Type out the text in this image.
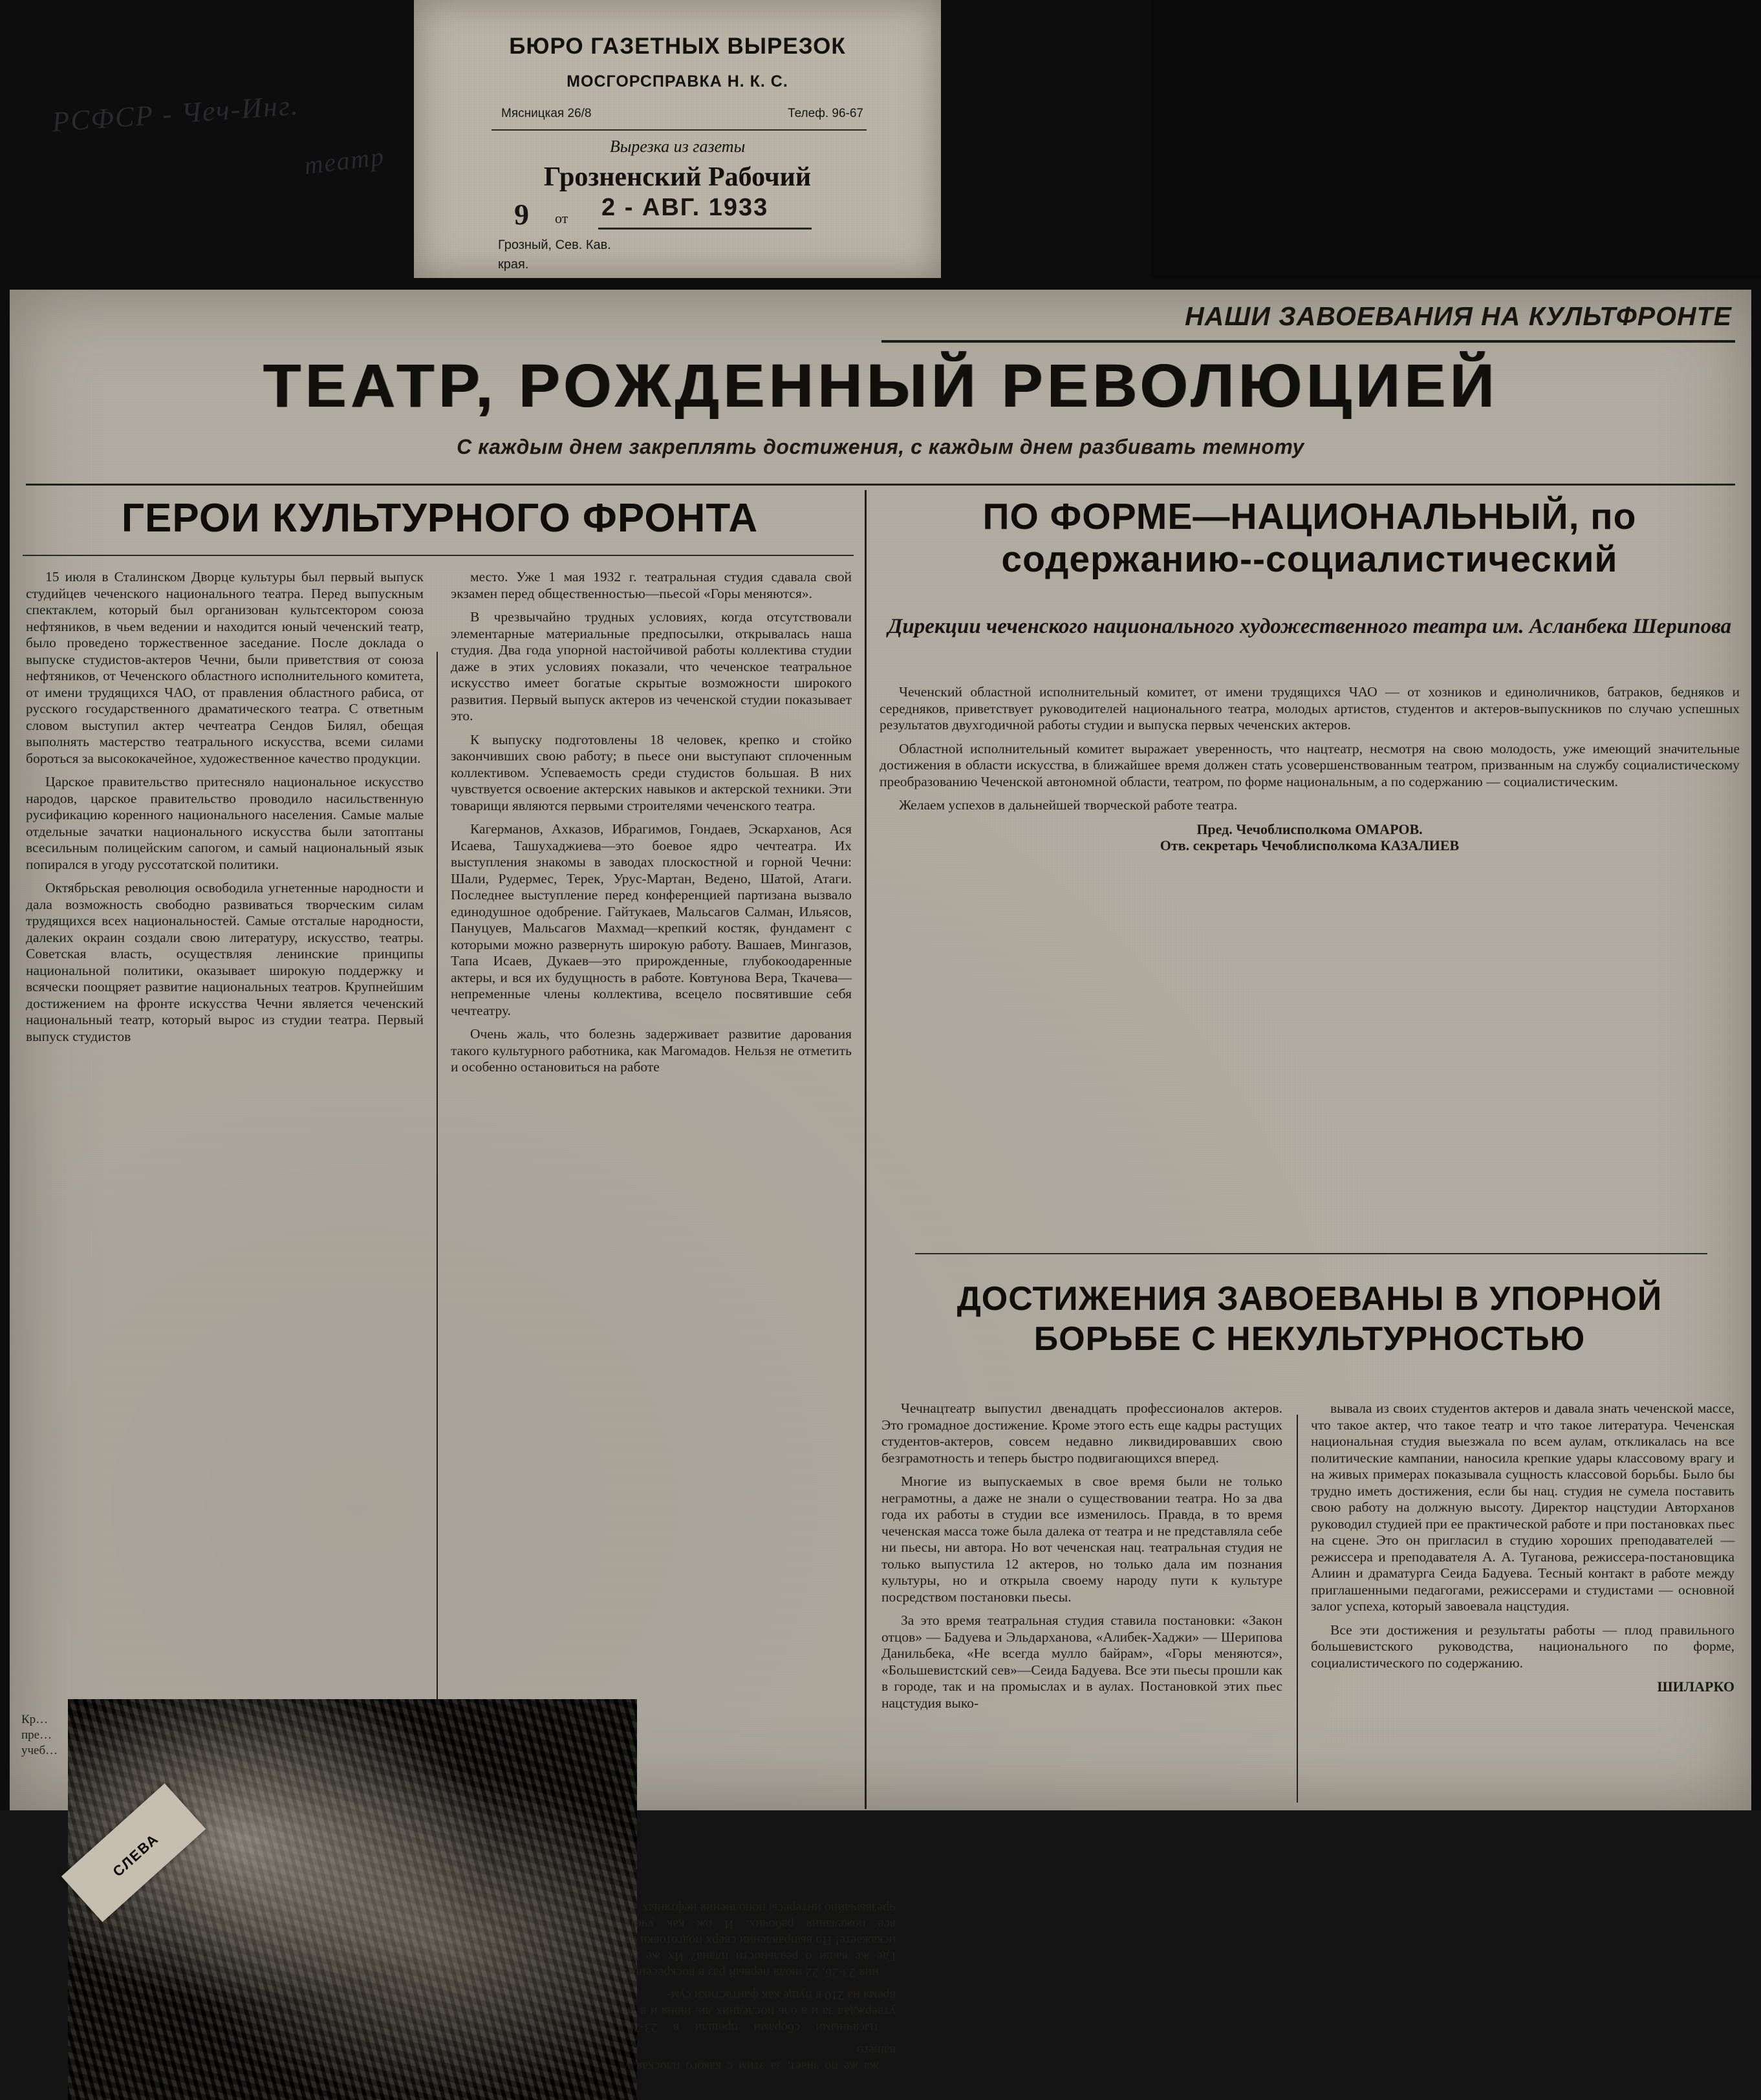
БЮРО ГАЗЕТНЫХ ВЫРЕЗОК
МОСГОРСПРАВКА Н. К. С.
Мясницкая 26/8	Телеф. 96-67
Вырезка из газеты
Грозненский Рабочий
9 от 2 - АВГ. 1933
Грозный, Сев. Кав.
края.
РСФСР - Чеч-Инг.
театр
НАШИ ЗАВОЕВАНИЯ НА КУЛЬТФРОНТЕ
ТЕАТР, РОЖДЕННЫЙ РЕВОЛЮЦИЕЙ
С каждым днем закреплять достижения, с каждым днем разбивать темноту
ГЕРОИ КУЛЬТУРНОГО ФРОНТА

15 июля в Сталинском Дворце культуры был первый выпуск студийцев чеченского национального театра. Перед выпускным спектаклем, который был организован культсектором союза нефтяников, в чьем ведении и находится юный чеченский театр, было проведено торжественное заседание. После доклада о выпуске студистов-актеров Чечни, были приветствия от союза нефтяников, от Чеченского областного исполнительного комитета, от имени трудящихся ЧАО, от правления областного рабиса, от русского государственного драматического театра. С ответным словом выступил актер чечтеатра Сендов Билял, обещая выполнять мастерство театрального искусства, всеми силами бороться за высококачейное, художественное качество продукции.

Царское правительство притесняло национальное искусство народов, царское правительство проводило насильственную русификацию коренного национального населения. Самые малые отдельные зачатки национального искусства были затоптаны всесильным полицейским сапогом, и самый национальный язык попирался в угоду руссотатской политики.

Октябрьская революция освободила угнетенные народности и дала возможность свободно развиваться творческим силам трудящихся всех национальностей. Самые отсталые народности, далеких окраин создали свою литературу, искусство, театры. Советская власть, осуществляя ленинские принципы национальной политики, оказывает широкую поддержку и всячески поощряет развитие национальных театров. Крупнейшим достижением на фронте искусства Чечни является чеченский национальный театр, который вырос из студии театра. Первый выпуск студистов

место. Уже 1 мая 1932 г. театральная студия сдавала свой экзамен перед общественностью—пьесой «Горы меняются».

В чрезвычайно трудных условиях, когда отсутствовали элементарные материальные предпосылки, открывалась наша студия. Два года упорной настойчивой работы коллектива студии даже в этих условиях показали, что чеченское театральное искусство имеет богатые скрытые возможности широкого развития. Первый выпуск актеров из чеченской студии показывает это.

К выпуску подготовлены 18 человек, крепко и стойко закончивших свою работу; в пьесе они выступают сплоченным коллективом. Успеваемость среди студистов большая. В них чувствуется освоение актерских навыков и актерской техники. Эти товарищи являются первыми строителями чеченского театра.

Кагерманов, Ахказов, Ибрагимов, Гондаев, Эскарханов, Ася Исаева, Ташухаджиева—это боевое ядро чечтеатра. Их выступления знакомы в заводах плоскостной и горной Чечни: Шали, Рудермес, Терек, Урус-Мартан, Ведено, Шатой, Атаги. Последнее выступление перед конференцией партизана вызвало единодушное одобрение. Гайтукаев, Мальсагов Салман, Ильясов, Пануцуев, Мальсагов Махмад—крепкий костяк, фундамент с которыми можно развернуть широкую работу. Вашаев, Мингазов, Тапа Исаев, Дукаев—это прирожденные, глубокоодаренные актеры, и вся их будущность в работе. Ковтунова Вера, Ткачева—непременные члены коллектива, всецело посвятившие себя чечтеатру.

Очень жаль, что болезнь задерживает развитие дарования такого культурного работника, как Магомадов. Нельзя не отметить и особенно остановиться на работе

ПО ФОРМЕ—НАЦИОНАЛЬНЫЙ, по содержанию--социалистический
Дирекции чеченского национального художественного театра им. Асланбека Шерипова

Чеченский областной исполнительный комитет, от имени трудящихся ЧАО — от хозников и единоличников, батраков, бедняков и середняков, приветствует руководителей национального театра, молодых артистов, студентов и актеров-выпускников по случаю успешных результатов двухгодичной работы студии и выпуска первых чеченских актеров.

Областной исполнительный комитет выражает уверенность, что нацтеатр, несмотря на свою молодость, уже имеющий значительные достижения в области искусства, в ближайшее время должен стать усовершенствованным театром, призванным на службу социалистическому преобразованию Чеченской автономной области, театром, по форме национальным, а по содержанию — социалистическим.

Желаем успехов в дальнейшей творческой работе театра.

Пред. Чечоблисполкома ОМАРОВ.
Отв. секретарь Чечоблисполкома КАЗАЛИЕВ
ДОСТИЖЕНИЯ ЗАВОЕВАНЫ В УПОРНОЙ БОРЬБЕ С НЕКУЛЬТУРНОСТЬЮ

Чечнацтеатр выпустил двенадцать профессионалов актеров. Это громадное достижение. Кроме этого есть еще кадры растущих студентов-актеров, совсем недавно ликвидировавших свою безграмотность и теперь быстро подвигающихся вперед.

Многие из выпускаемых в свое время были не только неграмотны, а даже не знали о существовании театра. Но за два года их работы в студии все изменилось. Правда, в то время чеченская масса тоже была далека от театра и не представляла себе ни пьесы, ни автора. Но вот чеченская нац. театральная студия не только выпустила 12 актеров, но только дала им познания культуры, но и открыла своему народу пути к культуре посредством постановки пьесы.

За это время театральная студия ставила постановки: «Закон отцов» — Бадуева и Эльдарханова, «Алибек-Хаджи» — Шерипова Данильбека, «Не всегда мулло байрам», «Горы меняются», «Большевистский сев»—Сеида Бадуева. Все эти пьесы прошли как в городе, так и на промыслах и в аулах. Постановкой этих пьес нацстудия выко-

вывала из своих студентов актеров и давала знать чеченской массе, что такое актер, что такое театр и что такое литература. Чеченская национальная студия выезжала по всем аулам, откликалась на все политические кампании, наносила крепкие удары классовому врагу и на живых примерах показывала сущность классовой борьбы. Было бы трудно иметь достижения, если бы нац. студия не сумела поставить свою работу на должную высоту. Директор нацстудии Авторханов руководил студией при ее практической работе и при постановках пьес на сцене. Это он пригласил в студию хороших преподавателей — режиссера и преподавателя А. А. Туганова, режиссера-постановщика Алиин и драматурга Сеида Бадуева. Тесный контакт в работе между приглашенными педагогами, режиссерами и студистами — основной залог успеха, который завоевала нацстудия.

Все эти достижения и результаты работы — плод правильного большевистского руководства, национального по форме, социалистического по содержанию.

ШИЛАРКО
СЛЕВА
Кр… пре… учеб…

жа же по знает, за этим с какого плоская у вашего

тысячными сборами прошли в 23-26, утверждал за и в оль последних ли. июня и в то время на 210 в пуще как фантастики сум-

ния 23-26, 22 июля первый раз в воскресенье. Где же ваши о реальности плана? Их же вы искажаете! По выправлении сверх подготовки на все пожелания рабочих. И ож как учете чрезвычайно интересы пополнения нефтяных
